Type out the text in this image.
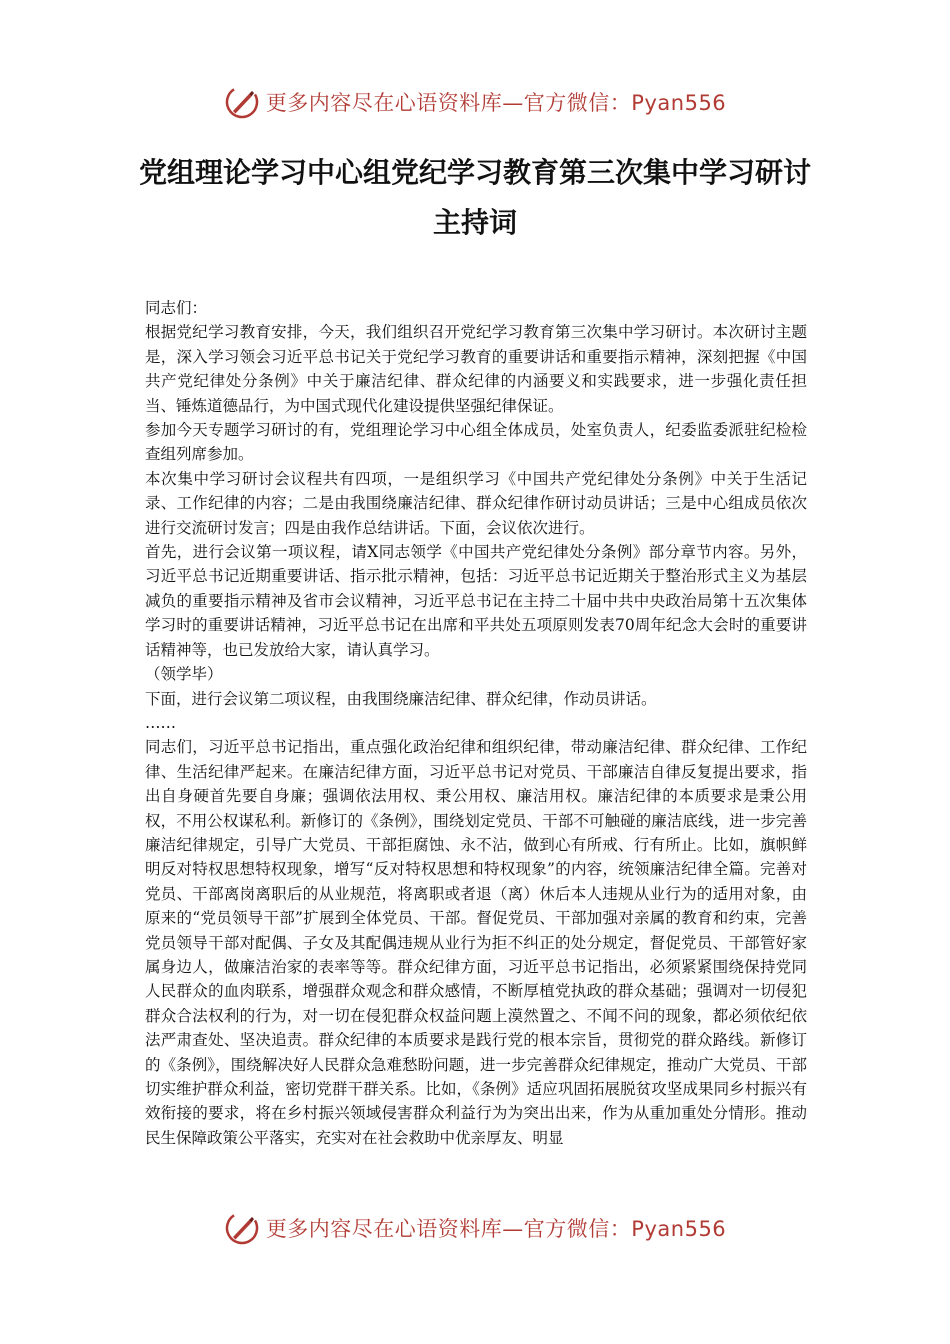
更多内容尽在心语资料库—官方微信：Pyan556
党组理论学习中心组党纪学习教育第三次集中学习研讨主持词

同志们：

根据党纪学习教育安排，今天，我们组织召开党纪学习教育第三次集中学习研讨。本次研讨主题是，深入学习领会习近平总书记关于党纪学习教育的重要讲话和重要指示精神，深刻把握《中国共产党纪律处分条例》中关于廉洁纪律、群众纪律的内涵要义和实践要求，进一步强化责任担当、锤炼道德品行，为中国式现代化建设提供坚强纪律保证。

参加今天专题学习研讨的有，党组理论学习中心组全体成员，处室负责人，纪委监委派驻纪检检查组列席参加。

本次集中学习研讨会议程共有四项，一是组织学习《中国共产党纪律处分条例》中关于生活记录、工作纪律的内容；二是由我围绕廉洁纪律、群众纪律作研讨动员讲话；三是中心组成员依次进行交流研讨发言；四是由我作总结讲话。下面，会议依次进行。

首先，进行会议第一项议程，请X同志领学《中国共产党纪律处分条例》部分章节内容。另外，习近平总书记近期重要讲话、指示批示精神，包括：习近平总书记近期关于整治形式主义为基层减负的重要指示精神及省市会议精神，习近平总书记在主持二十届中共中央政治局第十五次集体学习时的重要讲话精神，习近平总书记在出席和平共处五项原则发表70周年纪念大会时的重要讲话精神等，也已发放给大家，请认真学习。

（领学毕）

下面，进行会议第二项议程，由我围绕廉洁纪律、群众纪律，作动员讲话。

……

同志们，习近平总书记指出，重点强化政治纪律和组织纪律，带动廉洁纪律、群众纪律、工作纪律、生活纪律严起来。在廉洁纪律方面，习近平总书记对党员、干部廉洁自律反复提出要求，指出自身硬首先要自身廉；强调依法用权、秉公用权、廉洁用权。廉洁纪律的本质要求是秉公用权，不用公权谋私利。新修订的《条例》，围绕划定党员、干部不可触碰的廉洁底线，进一步完善廉洁纪律规定，引导广大党员、干部拒腐蚀、永不沾，做到心有所戒、行有所止。比如，旗帜鲜明反对特权思想特权现象，增写“反对特权思想和特权现象”的内容，统领廉洁纪律全篇。完善对党员、干部离岗离职后的从业规范，将离职或者退（离）休后本人违规从业行为的适用对象，由原来的“党员领导干部”扩展到全体党员、干部。督促党员、干部加强对亲属的教育和约束，完善党员领导干部对配偶、子女及其配偶违规从业行为拒不纠正的处分规定，督促党员、干部管好家属身边人，做廉洁治家的表率等等。群众纪律方面，习近平总书记指出，必须紧紧围绕保持党同人民群众的血肉联系，增强群众观念和群众感情，不断厚植党执政的群众基础；强调对一切侵犯群众合法权利的行为，对一切在侵犯群众权益问题上漠然置之、不闻不问的现象，都必须依纪依法严肃查处、坚决追责。群众纪律的本质要求是践行党的根本宗旨，贯彻党的群众路线。新修订的《条例》，围绕解决好人民群众急难愁盼问题，进一步完善群众纪律规定，推动广大党员、干部切实维护群众利益，密切党群干群关系。比如，《条例》适应巩固拓展脱贫攻坚成果同乡村振兴有效衔接的要求，将在乡村振兴领域侵害群众利益行为为突出出来，作为从重加重处分情形。推动民生保障政策公平落实，充实对在社会救助中优亲厚友、明显

更多内容尽在心语资料库—官方微信：Pyan556
